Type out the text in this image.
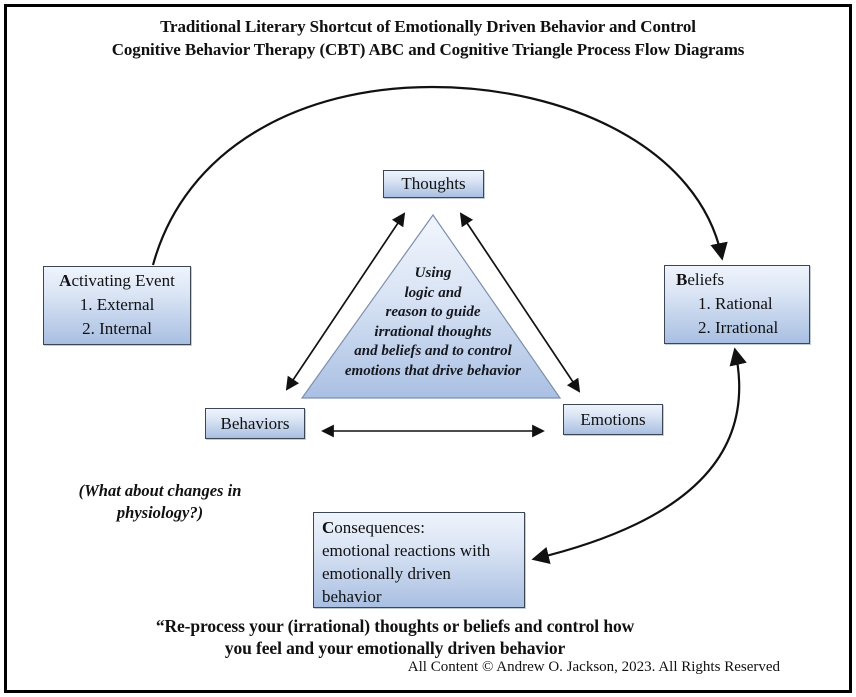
Traditional Literary Shortcut of Emotionally Driven Behavior and Control
Cognitive Behavior Therapy (CBT) ABC and Cognitive Triangle Process Flow Diagrams
Thoughts
Activating Event
1. External
2. Internal
Beliefs
1. Rational
2. Irrational
Behaviors	Emotions
Consequences:
emotional reactions with
emotionally driven
behavior
Using
logic and
reason to guide
irrational thoughts
and beliefs and to control
emotions that drive behavior
(What about changes in
physiology?)
“Re-process your (irrational) thoughts or beliefs and control how
you feel and your emotionally driven behavior
All Content © Andrew O. Jackson, 2023. All Rights Reserved
